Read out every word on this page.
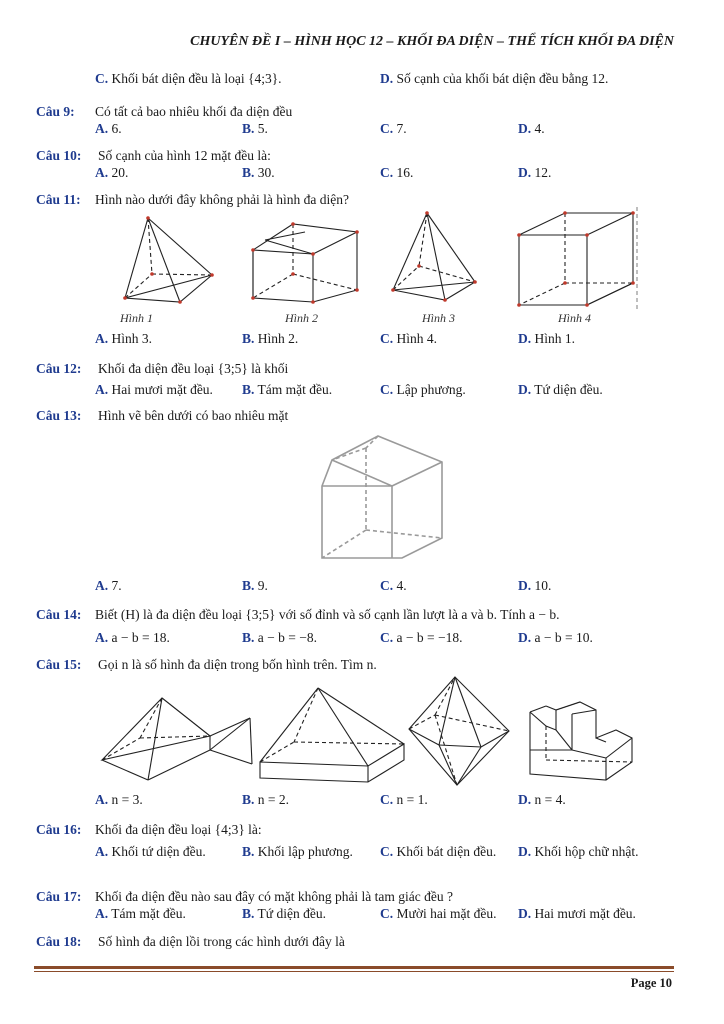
CHUYÊN ĐỀ I – HÌNH HỌC 12 – KHỐI ĐA DIỆN – THỂ TÍCH KHỐI ĐA DIỆN
C. Khối bát diện đều là loại {4;3}.	D. Số cạnh của khối bát diện đều bằng 12.
Câu 9: Có tất cả bao nhiêu khối đa diện đều
A. 6.	B. 5.	C. 7.	D. 4.
Câu 10: Số cạnh của hình 12 mặt đều là:
A. 20.	B. 30.	C. 16.	D. 12.
Câu 11: Hình nào dưới đây không phải là hình đa diện?
Hình 1	Hình 2	Hình 3	Hình 4
A. Hình 3.	B. Hình 2.	C. Hình 4.	D. Hình 1.
Câu 12: Khối đa diện đều loại {3;5} là khối
A. Hai mươi mặt đều. B. Tám mặt đều.	C. Lập phương.	D. Tứ diện đều.
Câu 13: Hình vẽ bên dưới có bao nhiêu mặt
A. 7.	B. 9.	C. 4.	D. 10.
Câu 14: Biết (H) là đa diện đều loại {3;5} với số đỉnh và số cạnh lần lượt là a và b. Tính a − b.
A. a − b = 18.	B. a − b = −8.	C. a − b = −18.	D. a − b = 10.
Câu 15: Gọi n là số hình đa diện trong bốn hình trên. Tìm n.
A. n = 3.	B. n = 2.	C. n = 1.	D. n = 4.
Câu 16: Khối đa diện đều loại {4;3} là:
A. Khối tứ diện đều.	B. Khối lập phương. C. Khối bát diện đều. D. Khối hộp chữ nhật.
Câu 17: Khối đa diện đều nào sau đây có mặt không phải là tam giác đều ?
A. Tám mặt đều.	B. Tứ diện đều.	C. Mười hai mặt đều. D. Hai mươi mặt đều.
Câu 18: Số hình đa diện lồi trong các hình dưới đây là
Page 10
